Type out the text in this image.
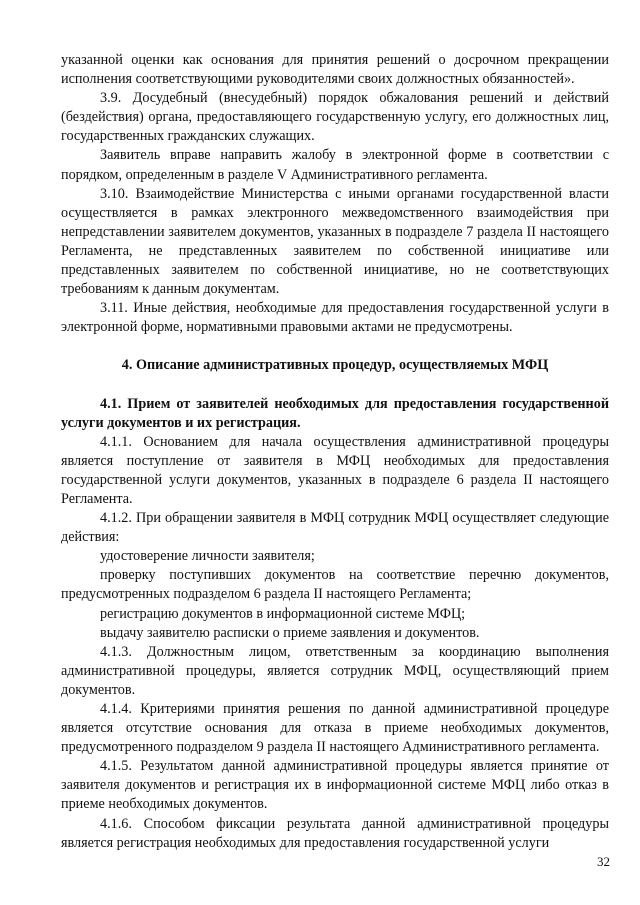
указанной оценки как основания для принятия решений о досрочном прекращении исполнения соответствующими руководителями своих должностных обязанностей».

3.9. Досудебный (внесудебный) порядок обжалования решений и действий (бездействия) органа, предоставляющего государственную услугу, его должностных лиц, государственных гражданских служащих.

Заявитель вправе направить жалобу в электронной форме в соответствии с порядком, определенным в разделе V Административного регламента.

3.10. Взаимодействие Министерства с иными органами государственной власти осуществляется в рамках электронного межведомственного взаимодействия при непредставлении заявителем документов, указанных в подразделе 7 раздела II настоящего Регламента, не представленных заявителем по собственной инициативе или представленных заявителем по собственной инициативе, но не соответствующих требованиям к данным документам.

3.11. Иные действия, необходимые для предоставления государственной услуги в электронной форме, нормативными правовыми актами не предусмотрены.

4. Описание административных процедур, осуществляемых МФЦ

4.1. Прием от заявителей необходимых для предоставления государственной услуги документов и их регистрация.

4.1.1. Основанием для начала осуществления административной процедуры является поступление от заявителя в МФЦ необходимых для предоставления государственной услуги документов, указанных в подразделе 6 раздела II настоящего Регламента.

4.1.2. При обращении заявителя в МФЦ сотрудник МФЦ осуществляет следующие действия:

удостоверение личности заявителя;

проверку поступивших документов на соответствие перечню документов, предусмотренных подразделом 6 раздела II настоящего Регламента;

регистрацию документов в информационной системе МФЦ;

выдачу заявителю расписки о приеме заявления и документов.

4.1.3. Должностным лицом, ответственным за координацию выполнения административной процедуры, является сотрудник МФЦ, осуществляющий прием документов.

4.1.4. Критериями принятия решения по данной административной процедуре является отсутствие основания для отказа в приеме необходимых документов, предусмотренного подразделом 9 раздела II настоящего Административного регламента.

4.1.5. Результатом данной административной процедуры является принятие от заявителя документов и регистрация их в информационной системе МФЦ либо отказ в приеме необходимых документов.

4.1.6. Способом фиксации результата данной административной процедуры является регистрация необходимых для предоставления государственной услуги

32
